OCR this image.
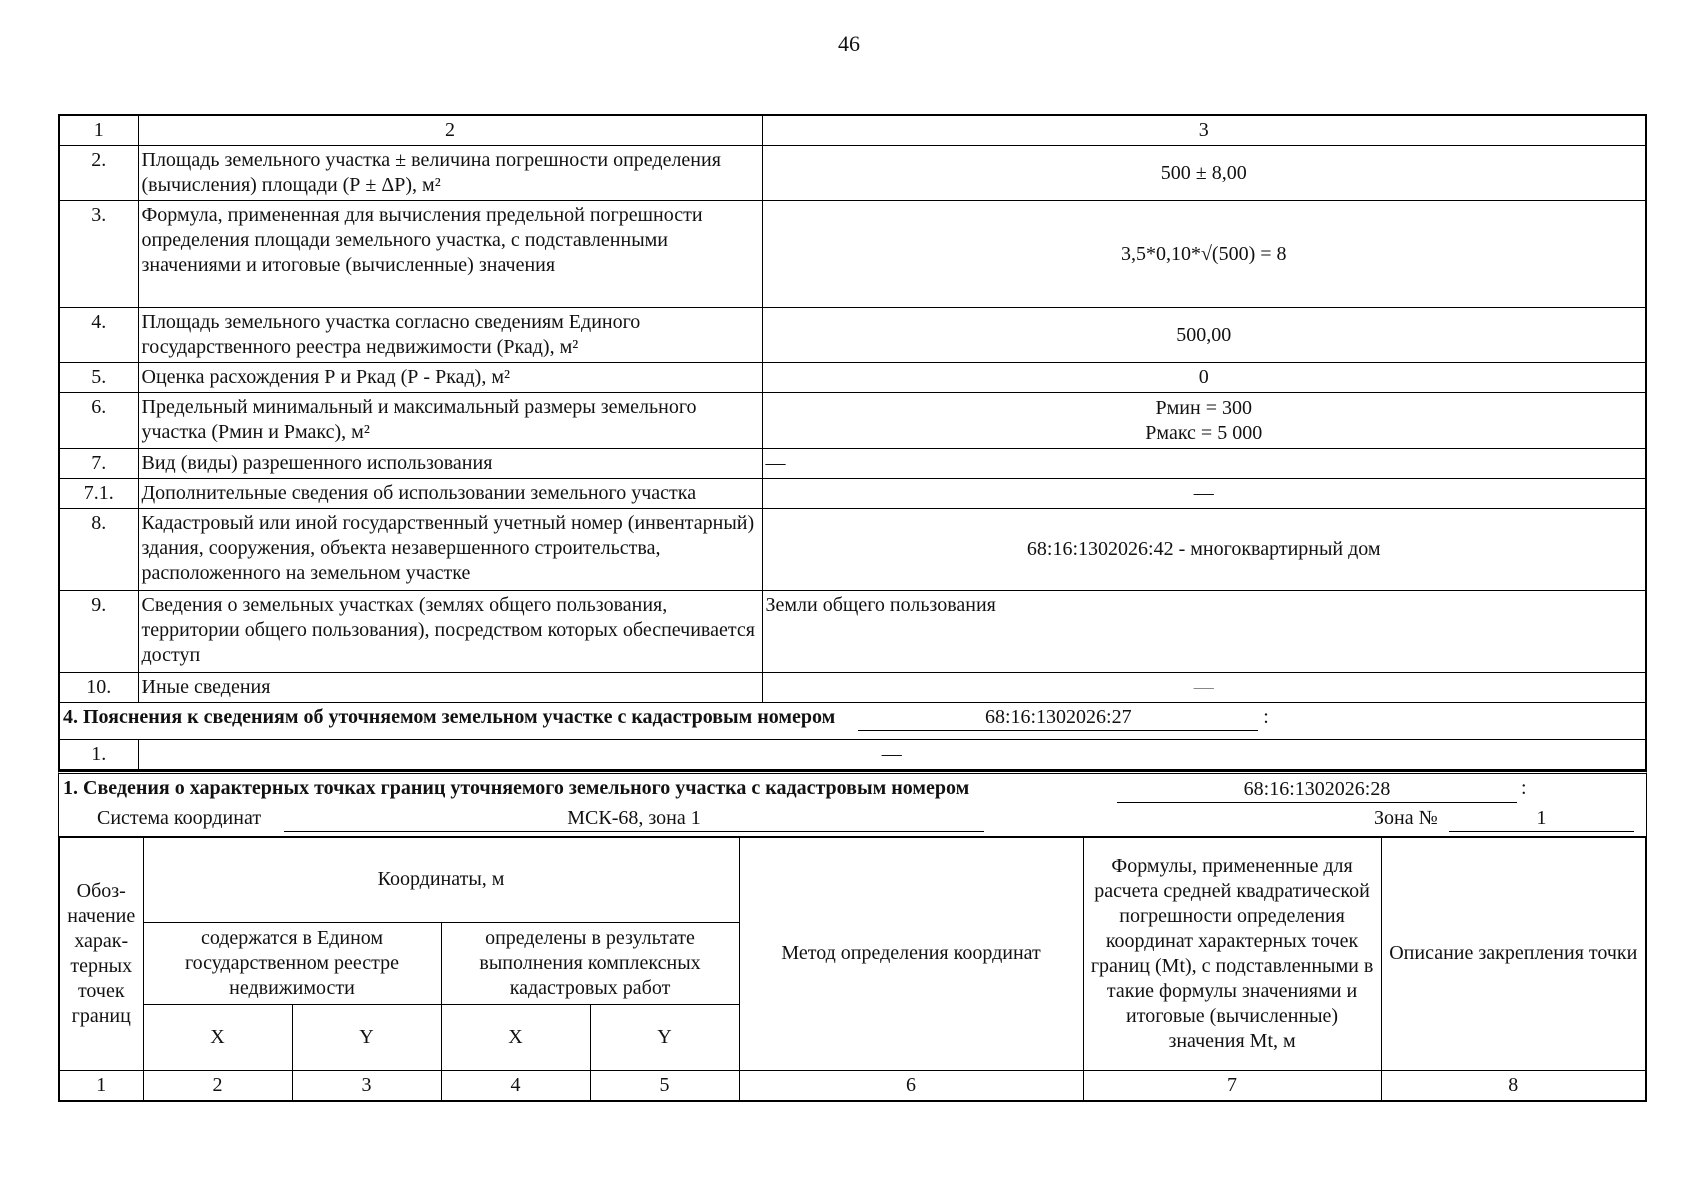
46
1	2	3
2.	Площадь земельного участка ± величина погрешности определения (вычисления) площади (Р ± ΔР), м²	500 ± 8,00
3.	Формула, примененная для вычисления предельной погрешности определения площади земельного участка, с подставленными значениями и итоговые (вычисленные) значения	3,5*0,10*√(500) = 8
4.	Площадь земельного участка согласно сведениям Единого государственного реестра недвижимости (Ркад), м²	500,00
5.	Оценка расхождения Р и Ркад (Р - Ркад), м²	0
6.	Предельный минимальный и максимальный размеры земельного участка (Рмин и Рмакс), м²	Рмин = 300
Рмакс = 5 000

7.	Вид (виды) разрешенного использования	—
7.1.	Дополнительные сведения об использовании земельного участка	—
8.	Кадастровый или иной государственный учетный номер (инвентарный) здания, сооружения, объекта незавершенного строительства, расположенного на земельном участке	68:16:1302026:42 - многоквартирный дом
9.	Сведения о земельных участках (землях общего пользования, территории общего пользования), посредством которых обеспечивается доступ	Земли общего пользования
10.	Иные сведения	—
4. Пояснения к сведениям об уточняемом земельном участке с кадастровым номером 68:16:1302026:27 :		
1.	—	
1. Сведения о характерных точках границ уточняемого земельного участка с кадастровым номером	68:16:1302026:28	:
Система координат	МСК-68, зона 1	Зона №	1
Обоз-начение харак-терных точек границ	Координаты, м				Метод определения координат	Формулы, примененные для расчета средней квадратической погрешности определения координат характерных точек границ (Mt), с подставленными в такие формулы значениями и итоговые (вычисленные) значения Mt, м	Описание закрепления точки
	содержатся в Едином государственном реестре недвижимости		определены в результате выполнения комплексных кадастровых работ				
	X	Y	X	Y			
1	2	3	4	5	6	7	8
